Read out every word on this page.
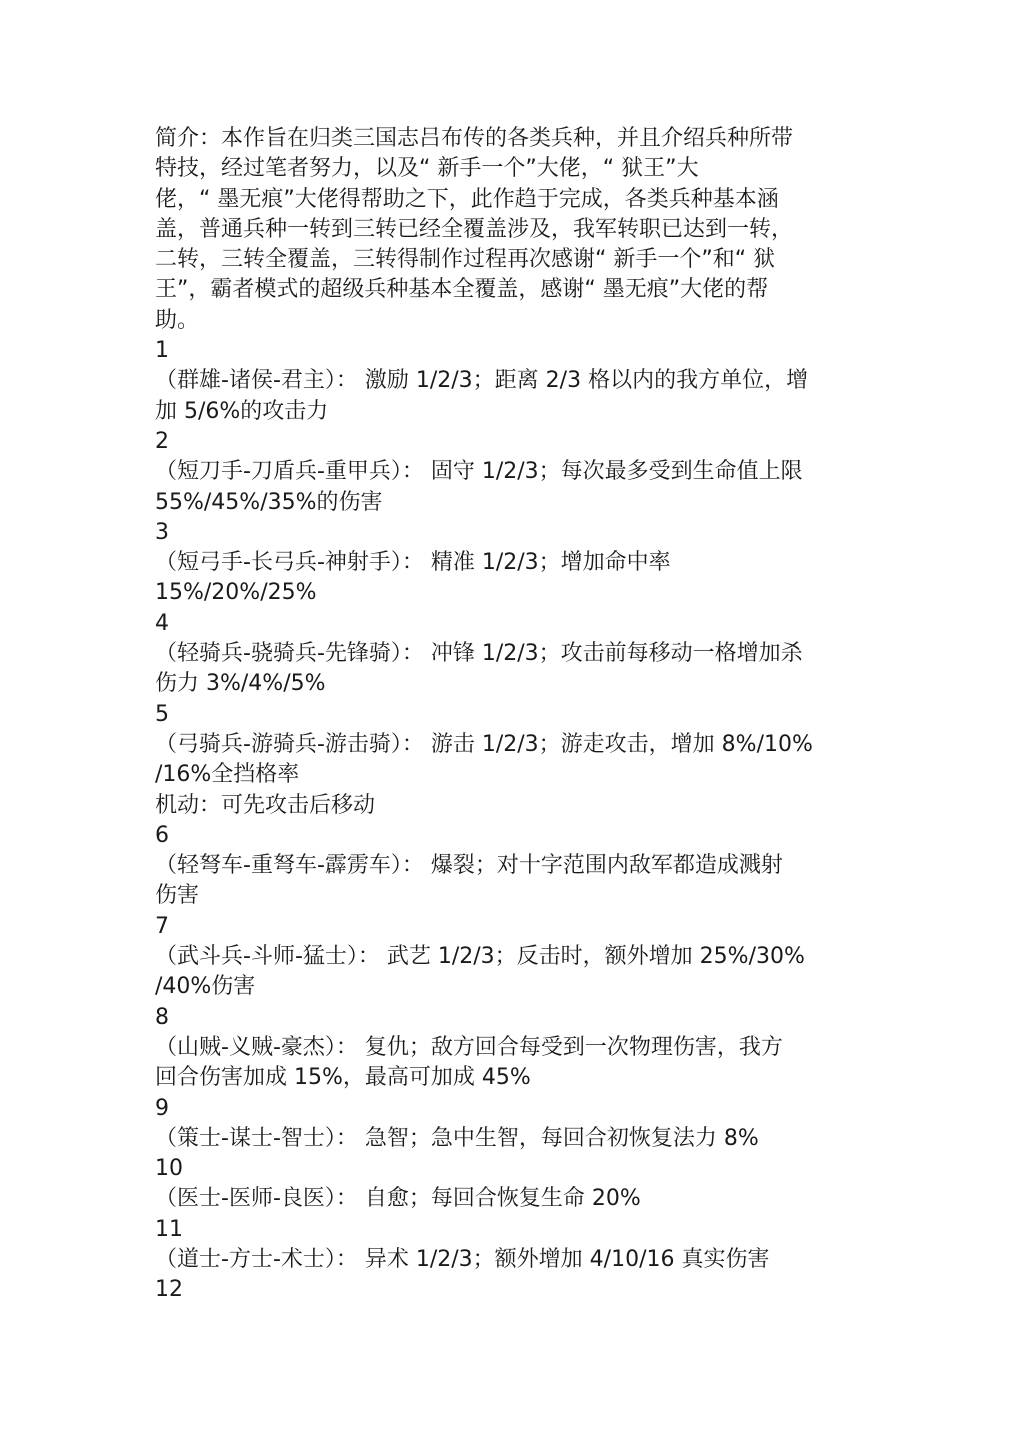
简介：本作旨在归类三国志吕布传的各类兵种，并且介绍兵种所带
特技，经过笔者努力，以及“ 新手一个”大佬，“ 狱王”大
佬，“ 墨无痕”大佬得帮助之下，此作趋于完成，各类兵种基本涵
盖，普通兵种一转到三转已经全覆盖涉及，我军转职已达到一转，
二转，三转全覆盖，三转得制作过程再次感谢“ 新手一个”和“ 狱
王”，霸者模式的超级兵种基本全覆盖，感谢“ 墨无痕”大佬的帮
助。
1
（群雄-诸侯-君主）： 激励 1/2/3；距离 2/3 格以内的我方单位，增
加 5/6%的攻击力
2
（短刀手-刀盾兵-重甲兵）： 固守 1/2/3；每次最多受到生命值上限
55%/45%/35%的伤害
3
（短弓手-长弓兵-神射手）： 精准 1/2/3；增加命中率
15%/20%/25%
4
（轻骑兵-骁骑兵-先锋骑）： 冲锋 1/2/3；攻击前每移动一格增加杀
伤力 3%/4%/5%
5
（弓骑兵-游骑兵-游击骑）： 游击 1/2/3；游走攻击，增加 8%/10%
/16%全挡格率
机动：可先攻击后移动
6
（轻弩车-重弩车-霹雳车）： 爆裂；对十字范围内敌军都造成溅射
伤害
7
（武斗兵-斗师-猛士）： 武艺 1/2/3；反击时，额外增加 25%/30%
/40%伤害
8
（山贼-义贼-豪杰）： 复仇；敌方回合每受到一次物理伤害，我方
回合伤害加成 15%，最高可加成 45%
9
（策士-谋士-智士）： 急智；急中生智，每回合初恢复法力 8%
10
（医士-医师-良医）： 自愈；每回合恢复生命 20%
11
（道士-方士-术士）： 异术 1/2/3；额外增加 4/10/16 真实伤害
12
